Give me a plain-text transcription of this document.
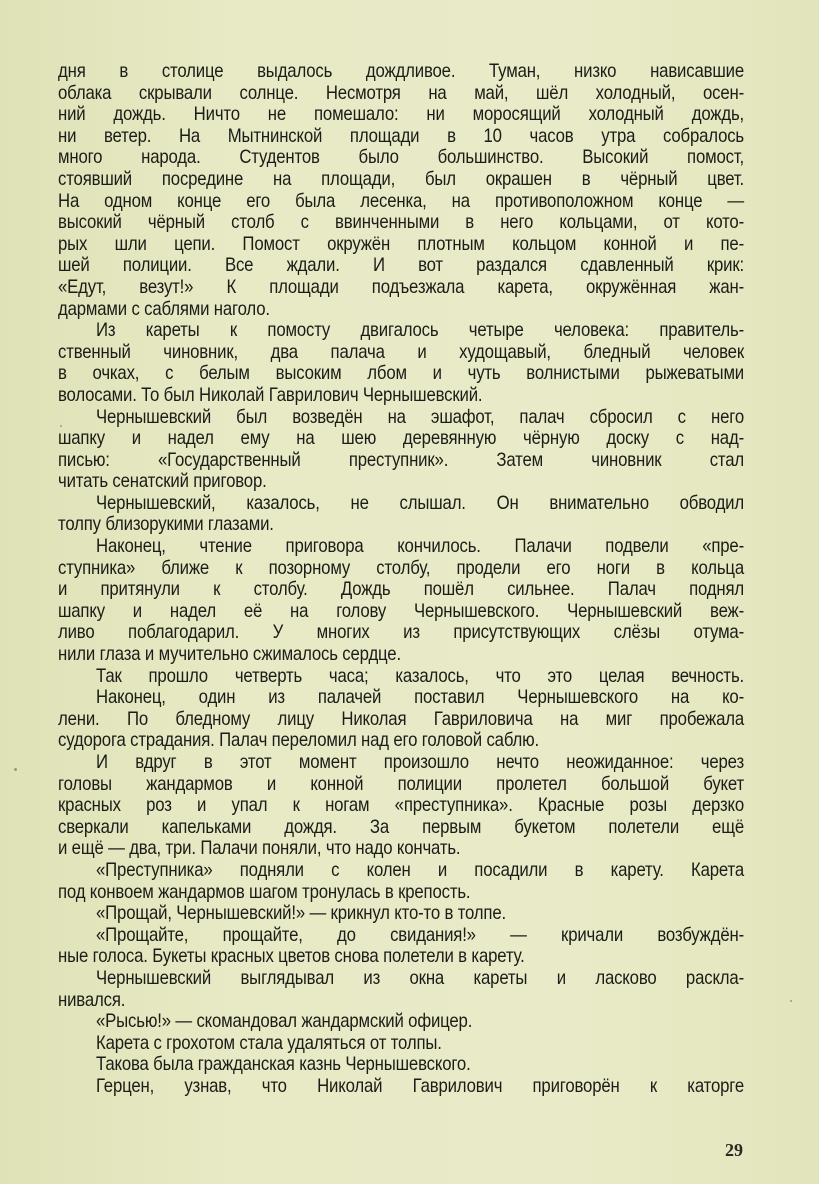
дня в столице выдалось дождливое. Туман, низко нависавшие
облака скрывали солнце. Несмотря на май, шёл холодный, осен-
ний дождь. Ничто не помешало: ни моросящий холодный дождь,
ни ветер. На Мытнинской площади в 10 часов утра собралось
много народа. Студентов было большинство. Высокий помост,
стоявший посредине на площади, был окрашен в чёрный цвет.
На одном конце его была лесенка, на противоположном конце —
высокий чёрный столб с ввинченными в него кольцами, от кото-
рых шли цепи. Помост окружён плотным кольцом конной и пе-
шей полиции. Все ждали. И вот раздался сдавленный крик:
«Едут, везут!» К площади подъезжала карета, окружённая жан-
дармами с саблями наголо.
Из кареты к помосту двигалось четыре человека: правитель-
ственный чиновник, два палача и худощавый, бледный человек
в очках, с белым высоким лбом и чуть волнистыми рыжеватыми
волосами. То был Николай Гаврилович Чернышевский.
Чернышевский был возведён на эшафот, палач сбросил с него
шапку и надел ему на шею деревянную чёрную доску с над-
писью: «Государственный преступник». Затем чиновник стал
читать сенатский приговор.
Чернышевский, казалось, не слышал. Он внимательно обводил
толпу близорукими глазами.
Наконец, чтение приговора кончилось. Палачи подвели «пре-
ступника» ближе к позорному столбу, продели его ноги в кольца
и притянули к столбу. Дождь пошёл сильнее. Палач поднял
шапку и надел её на голову Чернышевского. Чернышевский веж-
ливо поблагодарил. У многих из присутствующих слёзы отума-
нили глаза и мучительно сжималось сердце.
Так прошло четверть часа; казалось, что это целая вечность.
Наконец, один из палачей поставил Чернышевского на ко-
лени. По бледному лицу Николая Гавриловича на миг пробежала
судорога страдания. Палач переломил над его головой саблю.
И вдруг в этот момент произошло нечто неожиданное: через
головы жандармов и конной полиции пролетел большой букет
красных роз и упал к ногам «преступника». Красные розы дерзко
сверкали капельками дождя. За первым букетом полетели ещё
и ещё — два, три. Палачи поняли, что надо кончать.
«Преступника» подняли с колен и посадили в карету. Карета
под конвоем жандармов шагом тронулась в крепость.
«Прощай, Чернышевский!» — крикнул кто-то в толпе.
«Прощайте, прощайте, до свидания!» — кричали возбуждён-
ные голоса. Букеты красных цветов снова полетели в карету.
Чернышевский выглядывал из окна кареты и ласково раскла-
нивался.
«Рысью!» — скомандовал жандармский офицер.
Карета с грохотом стала удаляться от толпы.
Такова была гражданская казнь Чернышевского.
Герцен, узнав, что Николай Гаврилович приговорён к каторге
29
